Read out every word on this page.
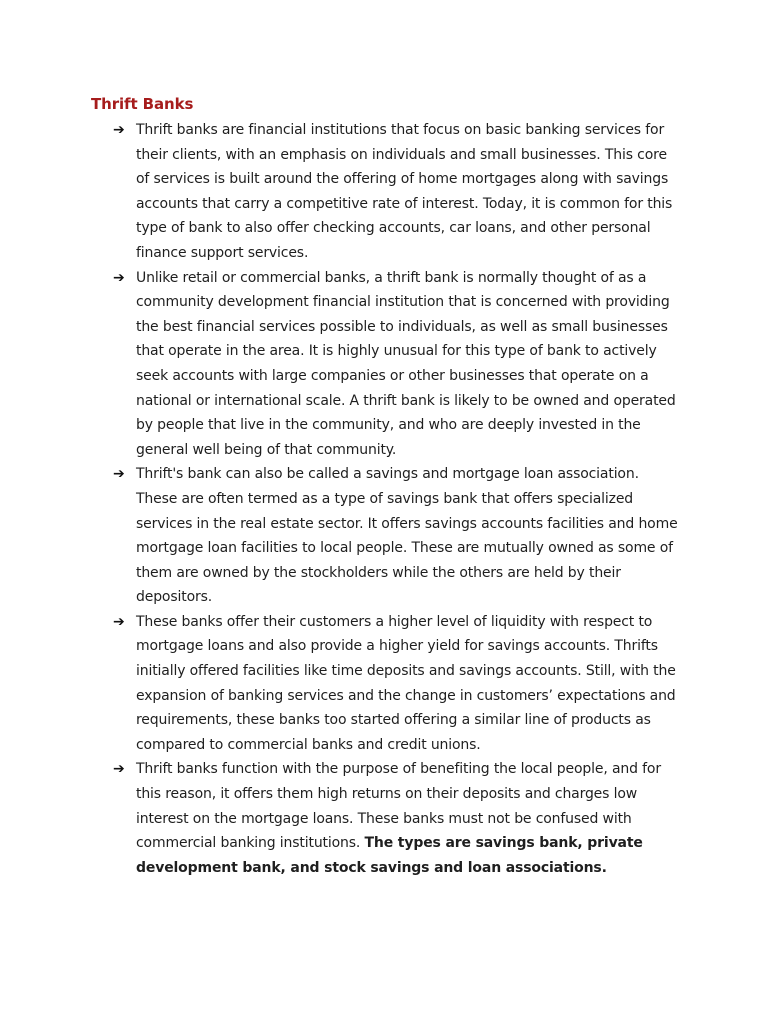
Thrift Banks
➔ Thrift banks are financial institutions that focus on basic banking services for their clients, with an emphasis on individuals and small businesses. This core of services is built around the offering of home mortgages along with savings accounts that carry a competitive rate of interest. Today, it is common for this type of bank to also offer checking accounts, car loans, and other personal finance support services.
➔ Unlike retail or commercial banks, a thrift bank is normally thought of as a community development financial institution that is concerned with providing the best financial services possible to individuals, as well as small businesses that operate in the area. It is highly unusual for this type of bank to actively seek accounts with large companies or other businesses that operate on a national or international scale. A thrift bank is likely to be owned and operated by people that live in the community, and who are deeply invested in the general well being of that community.
➔ Thrift's bank can also be called a savings and mortgage loan association. These are often termed as a type of savings bank that offers specialized services in the real estate sector. It offers savings accounts facilities and home mortgage loan facilities to local people. These are mutually owned as some of them are owned by the stockholders while the others are held by their depositors.
➔ These banks offer their customers a higher level of liquidity with respect to mortgage loans and also provide a higher yield for savings accounts. Thrifts initially offered facilities like time deposits and savings accounts. Still, with the expansion of banking services and the change in customers’ expectations and requirements, these banks too started offering a similar line of products as compared to commercial banks and credit unions.
➔ Thrift banks function with the purpose of benefiting the local people, and for this reason, it offers them high returns on their deposits and charges low interest on the mortgage loans. These banks must not be confused with commercial banking institutions. The types are savings bank, private development bank, and stock savings and loan associations.
